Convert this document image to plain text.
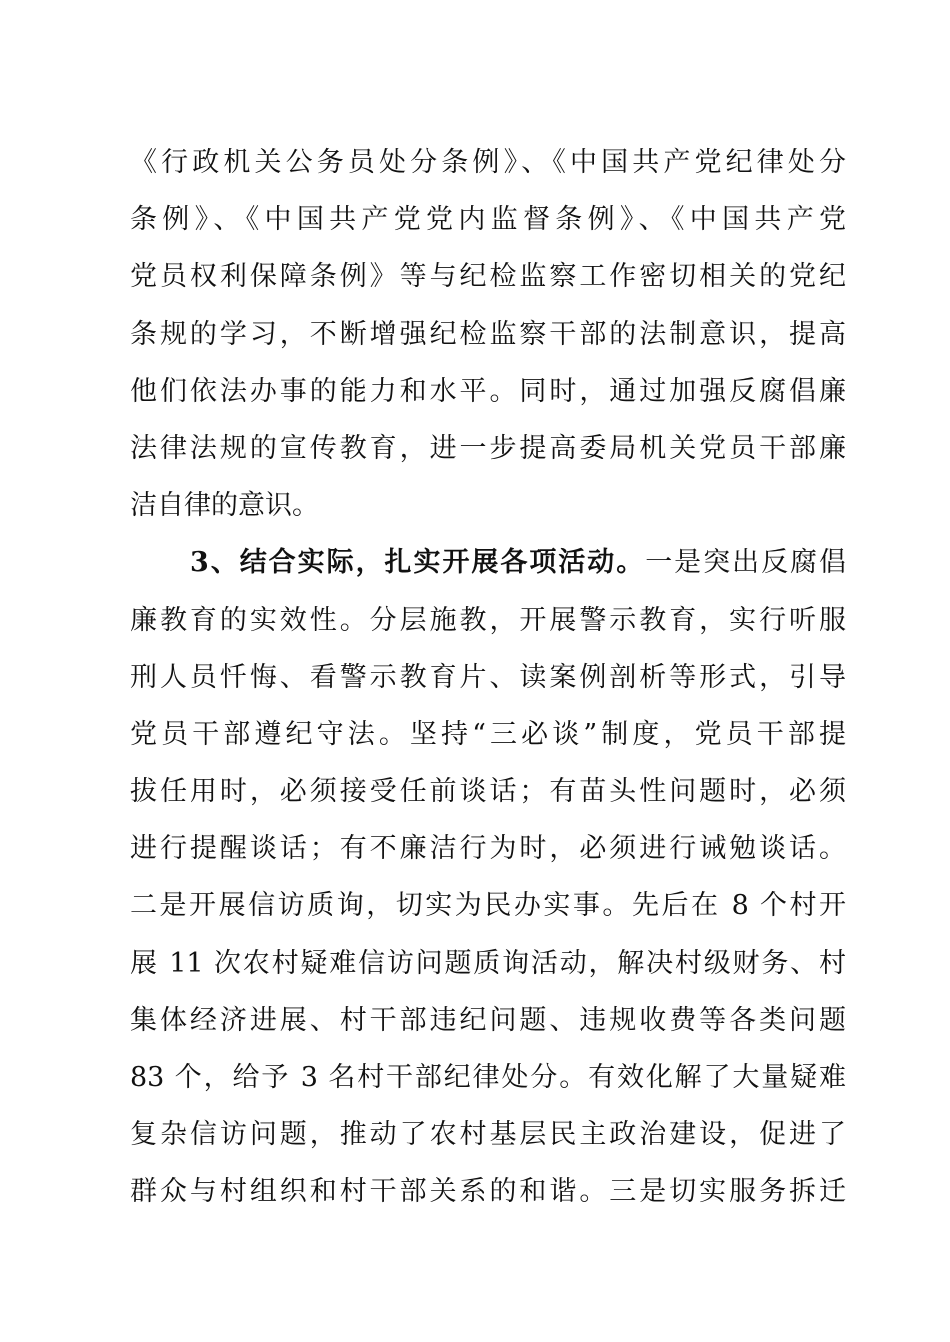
《行政机关公务员处分条例》、《中国共产党纪律处分
条例》、《中国共产党党内监督条例》、《中国共产党
党员权利保障条例》等与纪检监察工作密切相关的党纪
条规的学习，不断增强纪检监察干部的法制意识，提高
他们依法办事的能力和水平。同时，通过加强反腐倡廉
法律法规的宣传教育，进一步提高委局机关党员干部廉
洁自律的意识。
3、结合实际，扎实开展各项活动。一是突出反腐倡
廉教育的实效性。分层施教，开展警示教育，实行听服
刑人员忏悔、看警示教育片、读案例剖析等形式，引导
党员干部遵纪守法。坚持“三必谈”制度，党员干部提
拔任用时，必须接受任前谈话；有苗头性问题时，必须
进行提醒谈话；有不廉洁行为时，必须进行诫勉谈话。
二是开展信访质询，切实为民办实事。先后在 8 个村开
展 11 次农村疑难信访问题质询活动，解决村级财务、村
集体经济进展、村干部违纪问题、违规收费等各类问题
83 个，给予 3 名村干部纪律处分。有效化解了大量疑难
复杂信访问题，推动了农村基层民主政治建设，促进了
群众与村组织和村干部关系的和谐。三是切实服务拆迁
